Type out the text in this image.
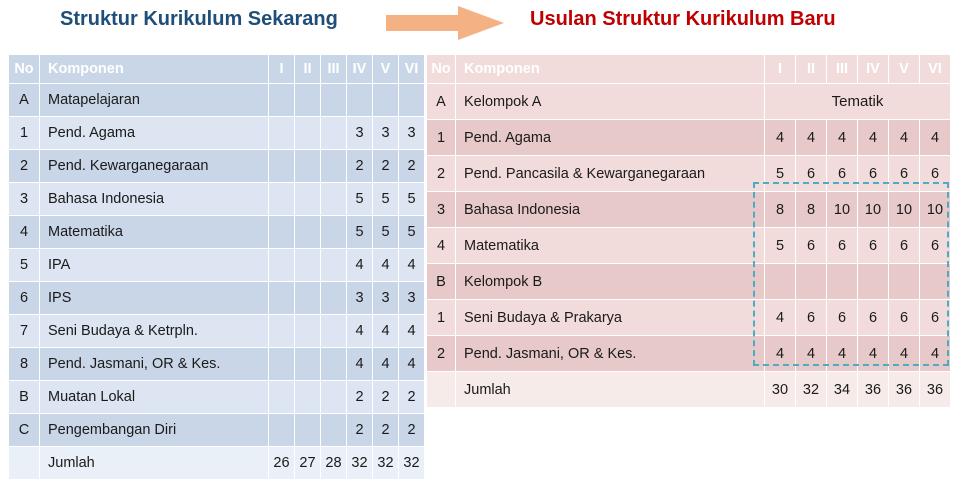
Struktur Kurikulum Sekarang	Usulan Struktur Kurikulum Baru
No	Komponen	I	II	III	IV	V	VI
A	Matapelajaran						
1	Pend. Agama				3	3	3
2	Pend. Kewarganegaraan				2	2	2
3	Bahasa Indonesia				5	5	5
4	Matematika				5	5	5
5	IPA				4	4	4
6	IPS				3	3	3
7	Seni Budaya & Ketrpln.				4	4	4
8	Pend. Jasmani, OR & Kes.				4	4	4
B	Muatan Lokal				2	2	2
C	Pengembangan Diri				2	2	2
	Jumlah	26	27	28	32	32	32
No	Komponen	I	II	III	IV	V	VI
A	Kelompok A	Tematik					
1	Pend. Agama	4	4	4	4	4	4
2	Pend. Pancasila & Kewarganegaraan	5	6	6	6	6	6
3	Bahasa Indonesia	8	8	10	10	10	10
4	Matematika	5	6	6	6	6	6
B	Kelompok B						
1	Seni Budaya & Prakarya	4	6	6	6	6	6
2	Pend. Jasmani, OR & Kes.	4	4	4	4	4	4
	Jumlah	30	32	34	36	36	36
